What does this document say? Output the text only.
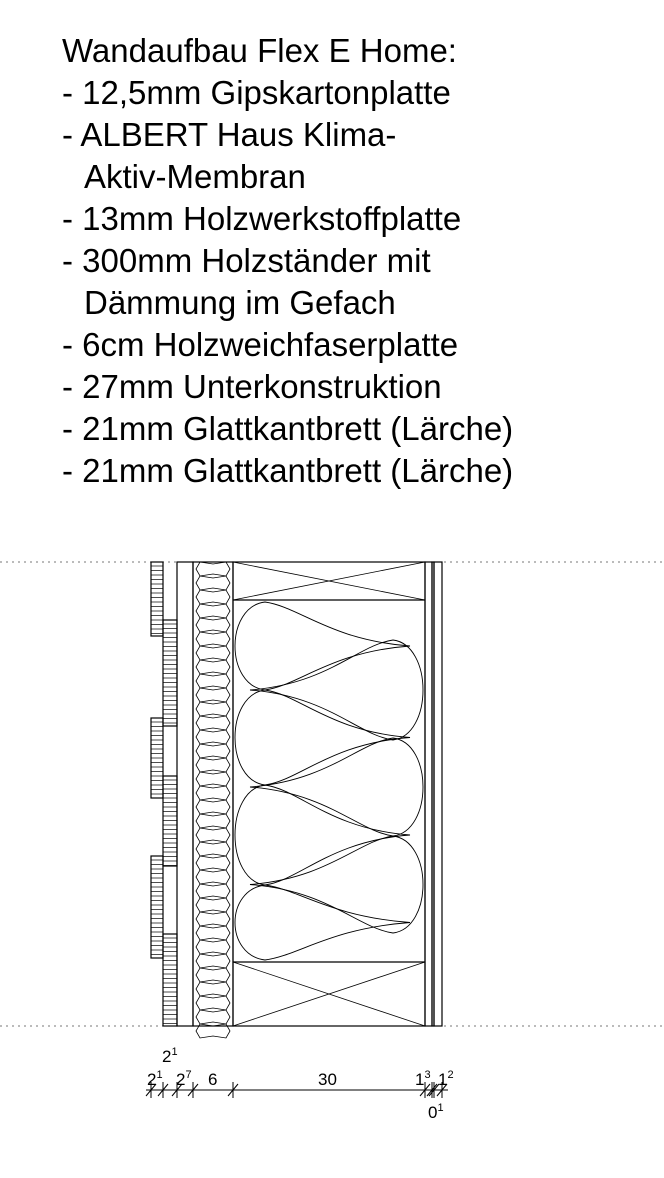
Wandaufbau Flex E Home:
- 12,5mm Gipskartonplatte
- ALBERT Haus Klima-
Aktiv-Membran
- 13mm Holzwerkstoffplatte
- 300mm Holzständer mit
Dämmung im Gefach
- 6cm Holzweichfaserplatte
- 27mm Unterkonstruktion
- 21mm Glattkantbrett (Lärche)
- 21mm Glattkantbrett (Lärche)
$2^1$
$2^1$
$2^7$ 6	30	$1^3$ $1^2$
$0^1$
